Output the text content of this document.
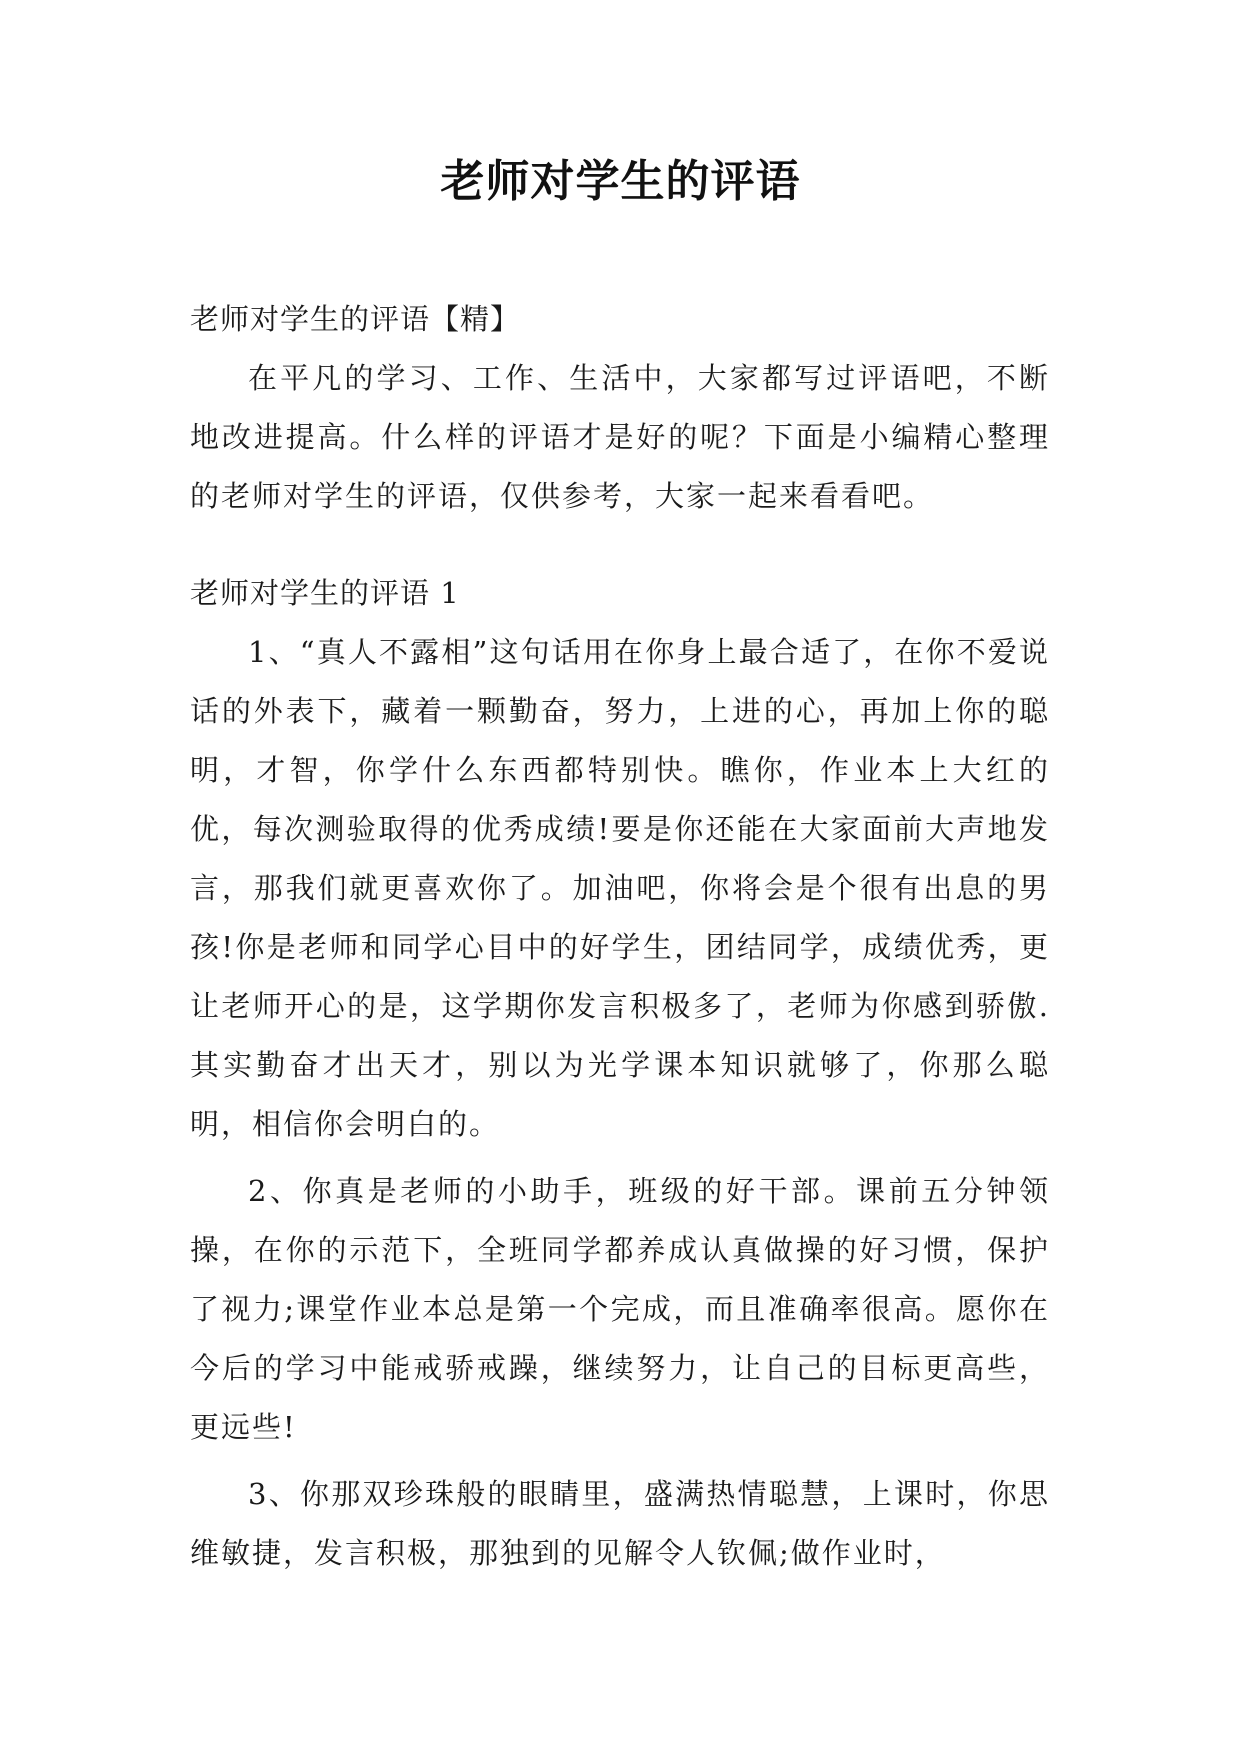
老师对学生的评语

老师对学生的评语【精】

在平凡的学习、工作、生活中，大家都写过评语吧，不断地改进提高。什么样的评语才是好的呢？下面是小编精心整理的老师对学生的评语，仅供参考，大家一起来看看吧。

老师对学生的评语 1

1、“真人不露相”这句话用在你身上最合适了，在你不爱说话的外表下，藏着一颗勤奋，努力，上进的心，再加上你的聪明，才智，你学什么东西都特别快。瞧你，作业本上大红的优，每次测验取得的优秀成绩!要是你还能在大家面前大声地发言，那我们就更喜欢你了。加油吧，你将会是个很有出息的男孩!你是老师和同学心目中的好学生，团结同学，成绩优秀，更让老师开心的是，这学期你发言积极多了，老师为你感到骄傲.其实勤奋才出天才，别以为光学课本知识就够了，你那么聪明，相信你会明白的。

2、你真是老师的小助手，班级的好干部。课前五分钟领操，在你的示范下，全班同学都养成认真做操的好习惯，保护了视力;课堂作业本总是第一个完成，而且准确率很高。愿你在今后的学习中能戒骄戒躁，继续努力，让自己的目标更高些，更远些!

3、你那双珍珠般的眼睛里，盛满热情聪慧，上课时，你思维敏捷，发言积极，那独到的见解令人钦佩;做作业时，
